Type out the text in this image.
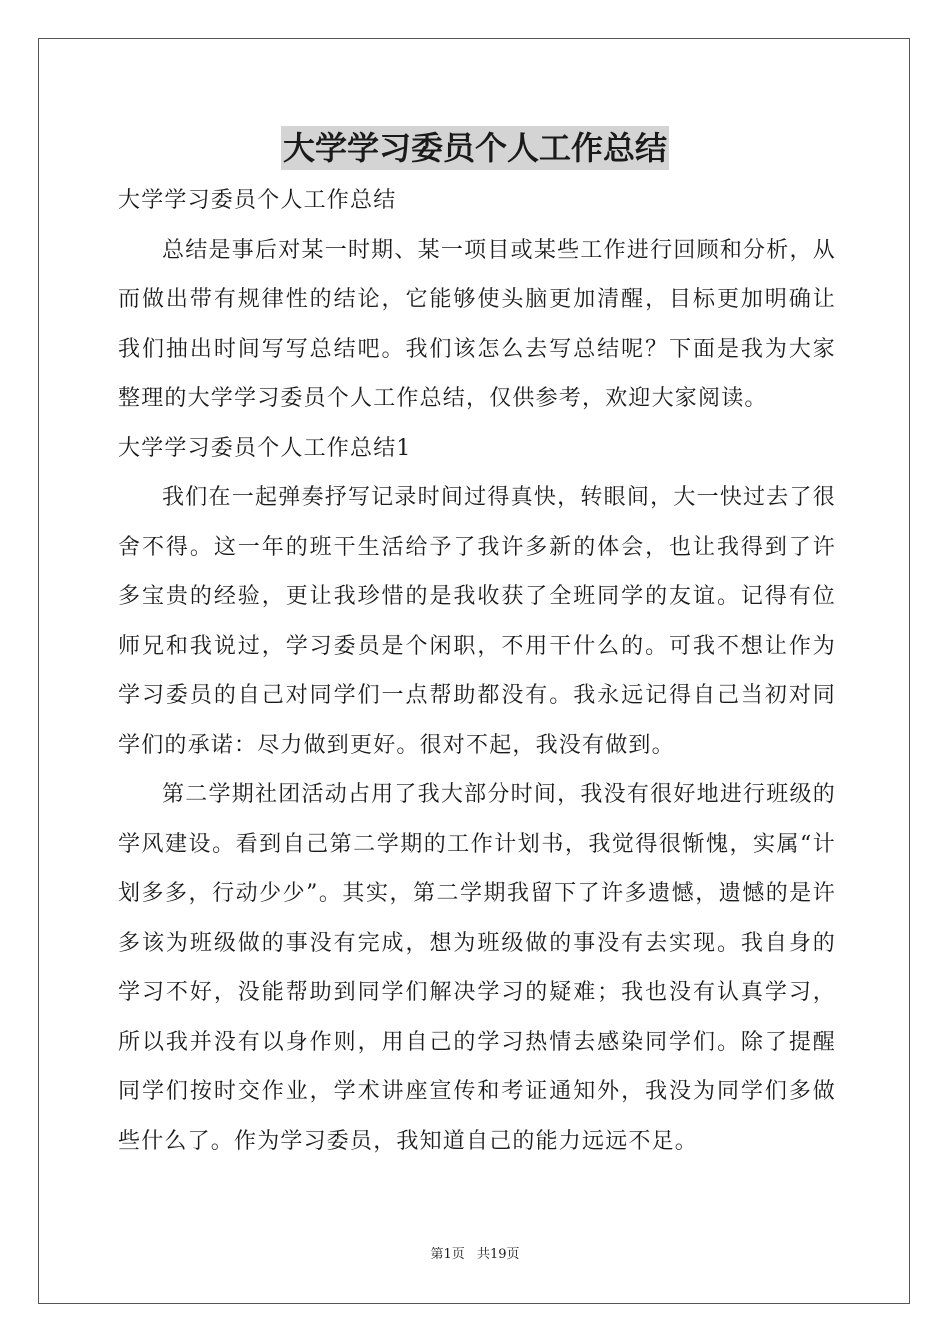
大学学习委员个人工作总结
大学学习委员个人工作总结

总结是事后对某一时期、某一项目或某些工作进行回顾和分析，从而做出带有规律性的结论，它能够使头脑更加清醒，目标更加明确让我们抽出时间写写总结吧。我们该怎么去写总结呢？下面是我为大家整理的大学学习委员个人工作总结，仅供参考，欢迎大家阅读。

大学学习委员个人工作总结1

我们在一起弹奏抒写记录时间过得真快，转眼间，大一快过去了很舍不得。这一年的班干生活给予了我许多新的体会，也让我得到了许多宝贵的经验，更让我珍惜的是我收获了全班同学的友谊。记得有位师兄和我说过，学习委员是个闲职，不用干什么的。可我不想让作为学习委员的自己对同学们一点帮助都没有。我永远记得自己当初对同学们的承诺：尽力做到更好。很对不起，我没有做到。

第二学期社团活动占用了我大部分时间，我没有很好地进行班级的学风建设。看到自己第二学期的工作计划书，我觉得很惭愧，实属“计划多多，行动少少”。其实，第二学期我留下了许多遗憾，遗憾的是许多该为班级做的事没有完成，想为班级做的事没有去实现。我自身的学习不好，没能帮助到同学们解决学习的疑难；我也没有认真学习，所以我并没有以身作则，用自己的学习热情去感染同学们。除了提醒同学们按时交作业，学术讲座宣传和考证通知外，我没为同学们多做些什么了。作为学习委员，我知道自己的能力远远不足。

第1页 共19页
